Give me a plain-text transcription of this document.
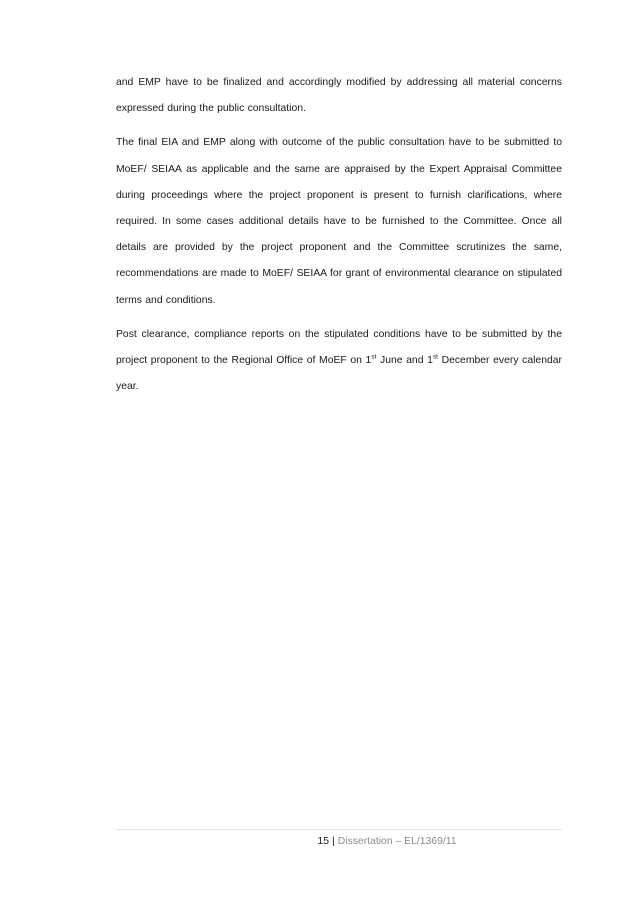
and EMP have to be finalized and accordingly modified by addressing all material concerns expressed during the public consultation.

The final EIA and EMP along with outcome of the public consultation have to be submitted to MoEF/ SEIAA as applicable and the same are appraised by the Expert Appraisal Committee during proceedings where the project proponent is present to furnish clarifications, where required. In some cases additional details have to be furnished to the Committee. Once all details are provided by the project proponent and the Committee scrutinizes the same, recommendations are made to MoEF/ SEIAA for grant of environmental clearance on stipulated terms and conditions.

Post clearance, compliance reports on the stipulated conditions have to be submitted by the project proponent to the Regional Office of MoEF on 1st June and 1st December every calendar year.

15 | Dissertation – EL/1369/11
